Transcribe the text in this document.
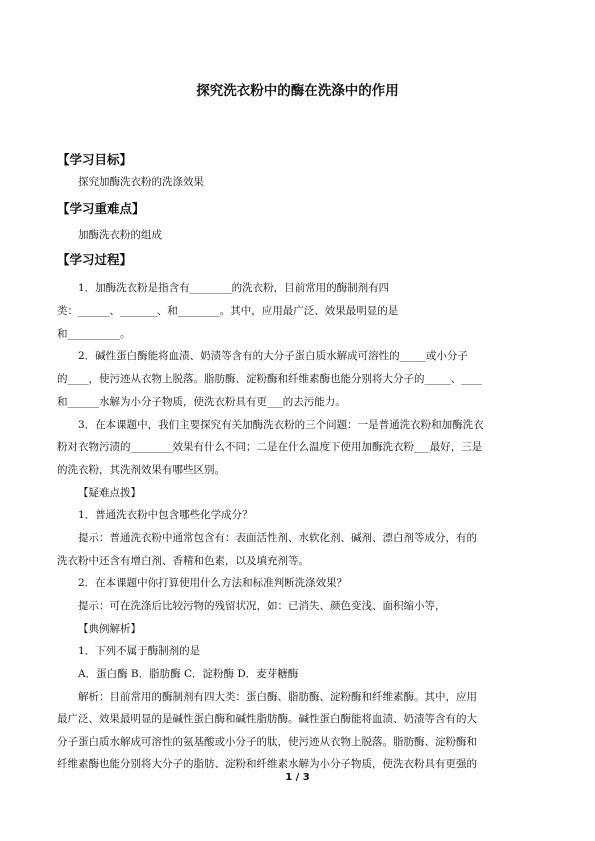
探究洗衣粉中的酶在洗涤中的作用
【学习目标】
探究加酶洗衣粉的洗涤效果
【学习重难点】
加酶洗衣粉的组成
【学习过程】
1．加酶洗衣粉是指含有________的洗衣粉，目前常用的酶制剂有四
类：______、_______、和________。其中，应用最广泛、效果最明显的是
和__________。
2．碱性蛋白酶能将血渍、奶渍等含有的大分子蛋白质水解成可溶性的_____或小分子
的____，使污迹从衣物上脱落。脂肪酶、淀粉酶和纤维素酶也能分别将大分子的_____、____
和______水解为小分子物质，使洗衣粉具有更___的去污能力。
3．在本课题中，我们主要探究有关加酶洗衣粉的三个问题：一是普通洗衣粉和加酶洗衣
粉对衣物污渍的________效果有什么不同；二是在什么温度下使用加酶洗衣粉___最好，三是
的洗衣粉，其洗剂效果有哪些区别。
【疑难点拨】
1．普通洗衣粉中包含哪些化学成分？
提示：普通洗衣粉中通常包含有：表面活性剂、水软化剂、碱剂、漂白剂等成分，有的
洗衣粉中还含有增白剂、香精和色素，以及填充剂等。
2．在本课题中你打算使用什么方法和标准判断洗涤效果？
提示：可在洗涤后比较污物的残留状况，如：已消失、颜色变浅、面积缩小等，
【典例解析】
1．下列不属于酶制剂的是
A．蛋白酶 B．脂肪酶 C．淀粉酶 D．麦芽糖酶
解析：目前常用的酶制剂有四大类：蛋白酶、脂肪酶、淀粉酶和纤维素酶。其中，应用
最广泛、效果最明显的是碱性蛋白酶和碱性脂肪酶。碱性蛋白酶能将血渍、奶渍等含有的大
分子蛋白质水解成可溶性的氨基酸或小分子的肽，使污迹从衣物上脱落。脂肪酶、淀粉酶和
纤维素酶也能分别将大分子的脂肪、淀粉和纤维素水解为小分子物质，使洗衣粉具有更强的
1 / 3
